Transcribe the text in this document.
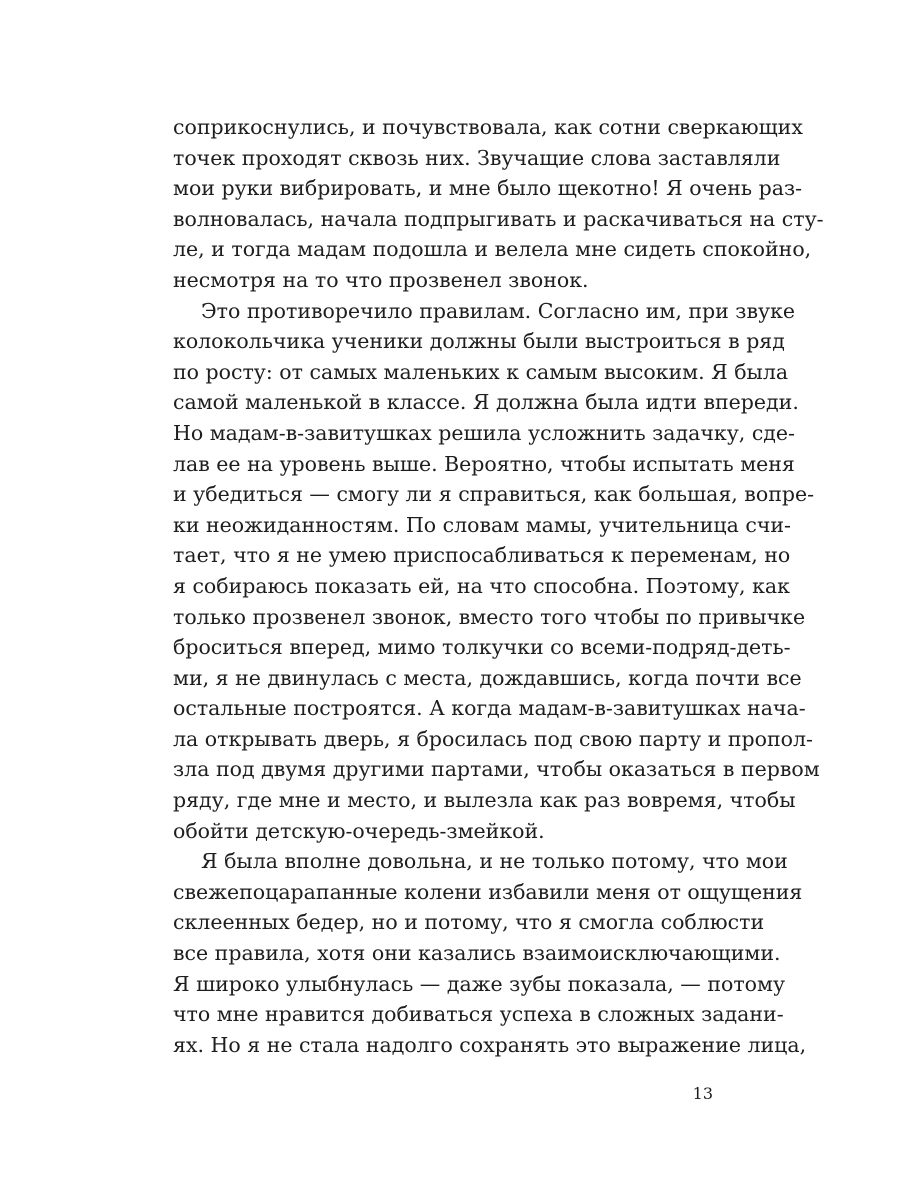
соприкоснулись, и почувствовала, как сотни сверкающих
точек проходят сквозь них. Звучащие слова заставляли
мои руки вибрировать, и мне было щекотно! Я очень раз-
волновалась, начала подпрыгивать и раскачиваться на сту-
ле, и тогда мадам подошла и велела мне сидеть спокойно,
несмотря на то что прозвенел звонок.
Это противоречило правилам. Согласно им, при звуке
колокольчика ученики должны были выстроиться в ряд
по росту: от самых маленьких к самым высоким. Я была
самой маленькой в классе. Я должна была идти впереди.
Но мадам-в-завитушках решила усложнить задачку, сде-
лав ее на уровень выше. Вероятно, чтобы испытать меня
и убедиться — смогу ли я справиться, как большая, вопре-
ки неожиданностям. По словам мамы, учительница счи-
тает, что я не умею приспосабливаться к переменам, но
я собираюсь показать ей, на что способна. Поэтому, как
только прозвенел звонок, вместо того чтобы по привычке
броситься вперед, мимо толкучки со всеми-подряд-деть-
ми, я не двинулась с места, дождавшись, когда почти все
остальные построятся. А когда мадам-в-завитушках нача-
ла открывать дверь, я бросилась под свою парту и пропол-
зла под двумя другими партами, чтобы оказаться в первом
ряду, где мне и место, и вылезла как раз вовремя, чтобы
обойти детскую-очередь-змейкой.
Я была вполне довольна, и не только потому, что мои
свежепоцарапанные колени избавили меня от ощущения
склеенных бедер, но и потому, что я смогла соблюсти
все правила, хотя они казались взаимоисключающими.
Я широко улыбнулась — даже зубы показала, — потому
что мне нравится добиваться успеха в сложных задани-
ях. Но я не стала надолго сохранять это выражение лица,
13
